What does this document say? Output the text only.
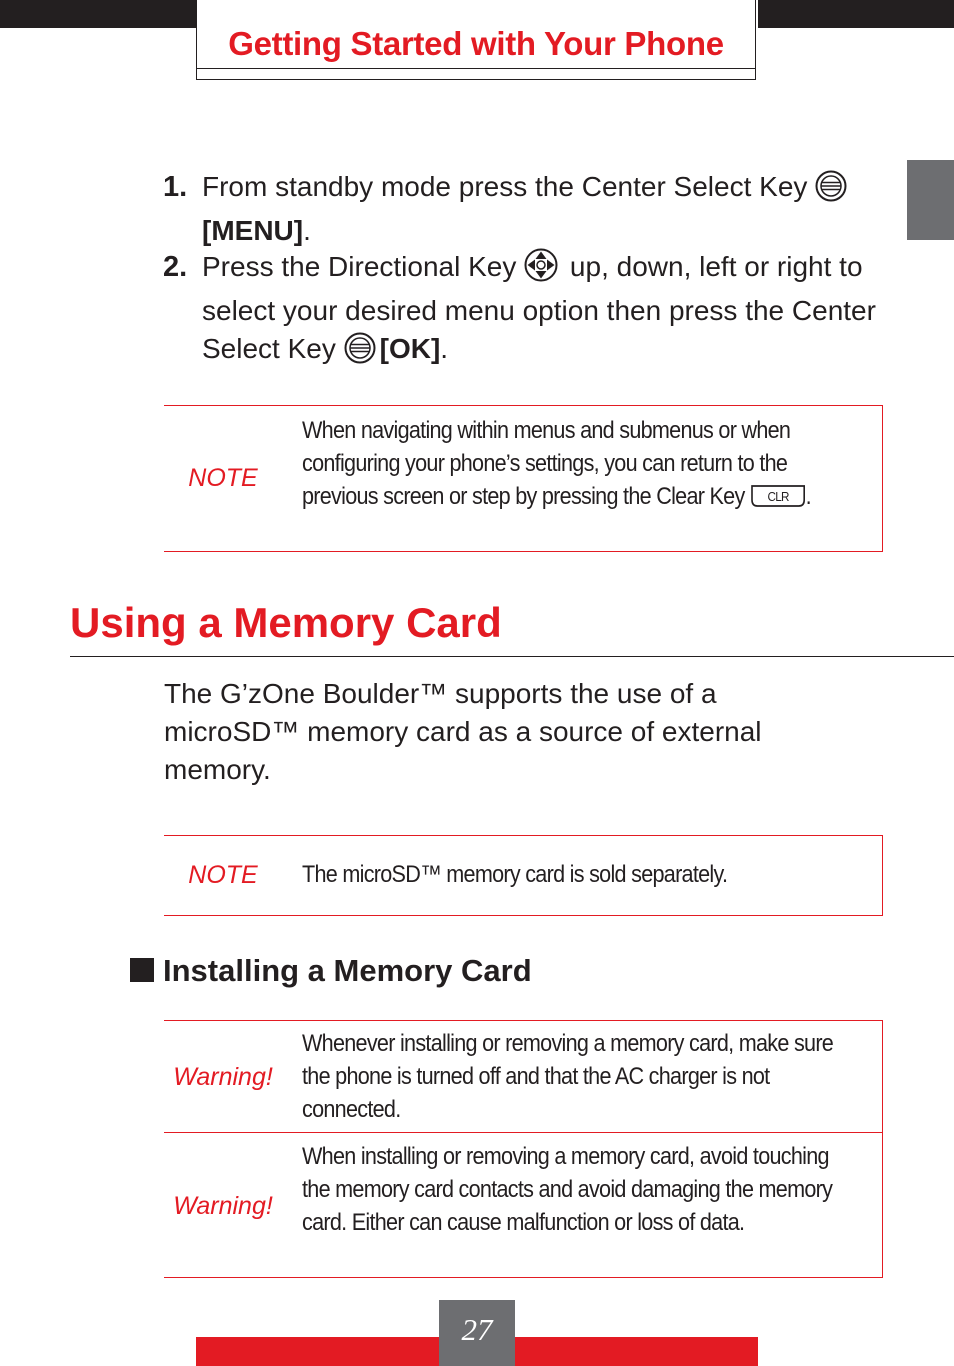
Getting Started with Your Phone
1. From standby mode press the Center Select Key [MENU].
2. Press the Directional Key up, down, left or right to select your desired menu option then press the Center Select Key [OK].
NOTE
When navigating within menus and submenus or when configuring your phone’s settings, you can return to the previous screen or step by pressing the Clear Key CLR .
Using a Memory Card
The G’zOne Boulder™ supports the use of a microSD™ memory card as a source of external memory.
NOTE	The microSD™ memory card is sold separately.
Installing a Memory Card
Warning!
Whenever installing or removing a memory card, make sure the phone is turned off and that the AC charger is not connected.
Warning!
When installing or removing a memory card, avoid touching the memory card contacts and avoid damaging the memory card. Either can cause malfunction or loss of data.
27
